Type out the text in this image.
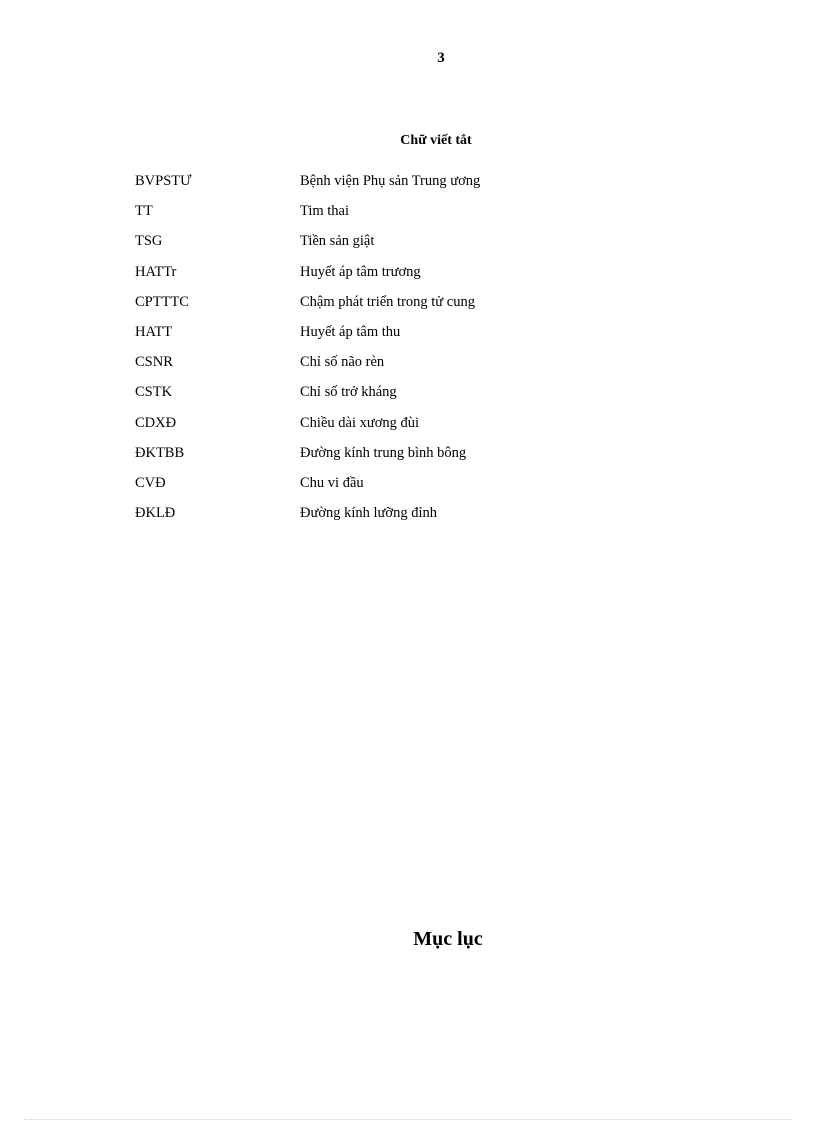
3
Chữ viết tắt
BVPSTƯ	Bệnh viện Phụ sản Trung ương
TT	Tim thai
TSG	Tiền sản giật
HATTr	Huyết áp tâm trương
CPTTTC	Chậm phát triển trong tử cung
HATT	Huyết áp tâm thu
CSNR	Chỉ số não rèn
CSTK	Chỉ số trở kháng
CDXĐ	Chiều dài xương đùi
ĐKTBB	Đường kính trung bình bông
CVĐ	Chu vi đầu
ĐKLĐ	Đường kính lưỡng đỉnh
Mục lục
